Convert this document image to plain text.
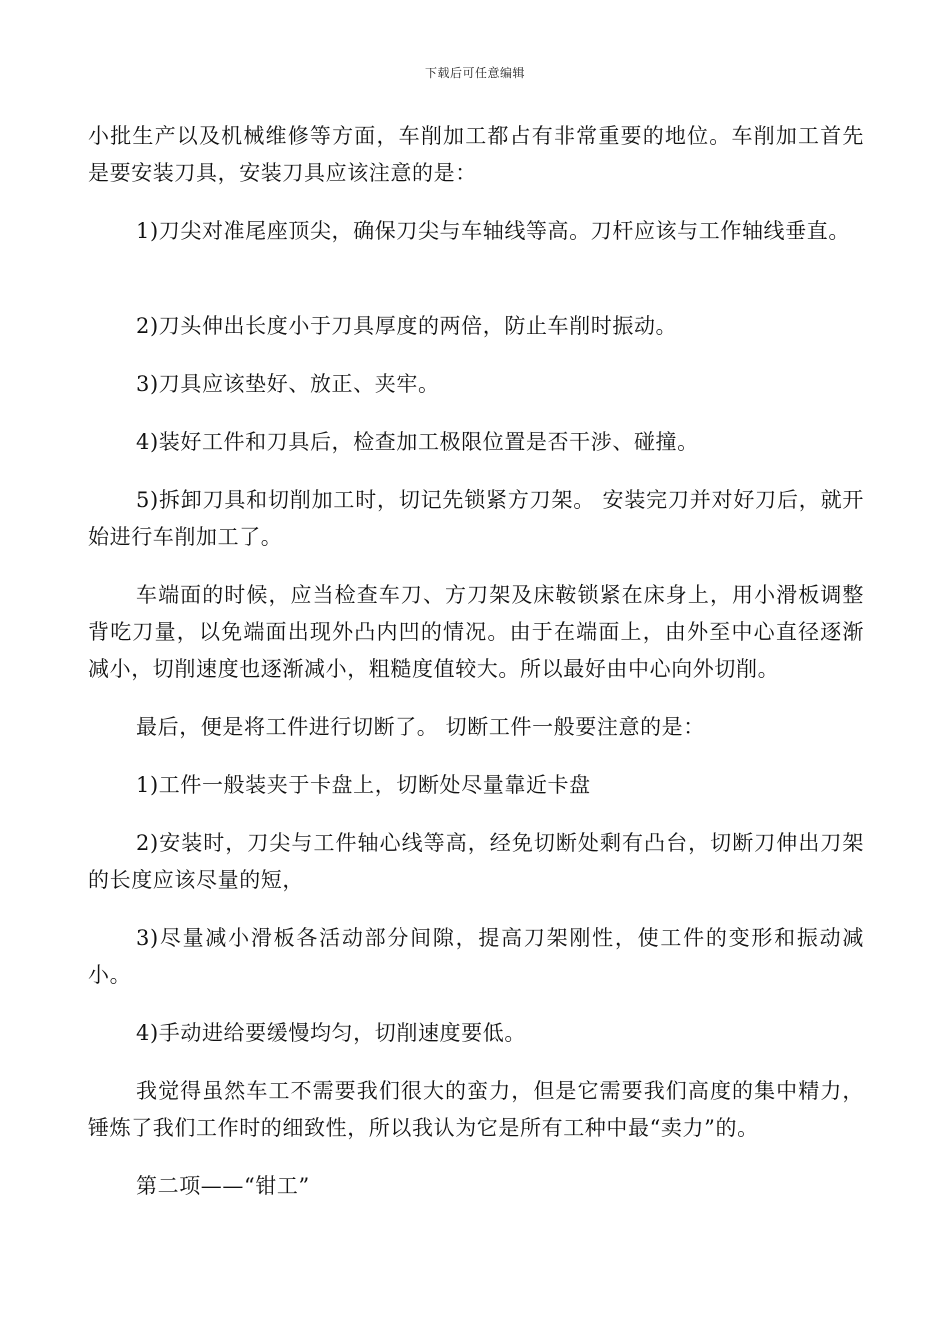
下载后可任意编辑

小批生产以及机械维修等方面，车削加工都占有非常重要的地位。车削加工首先是要安装刀具，安装刀具应该注意的是：

1)刀尖对准尾座顶尖，确保刀尖与车轴线等高。刀杆应该与工作轴线垂直。

2)刀头伸出长度小于刀具厚度的两倍，防止车削时振动。

3)刀具应该垫好、放正、夹牢。

4)装好工件和刀具后，检查加工极限位置是否干涉、碰撞。

5)拆卸刀具和切削加工时，切记先锁紧方刀架。 安装完刀并对好刀后，就开始进行车削加工了。

车端面的时候，应当检查车刀、方刀架及床鞍锁紧在床身上，用小滑板调整背吃刀量，以免端面出现外凸内凹的情况。由于在端面上，由外至中心直径逐渐减小，切削速度也逐渐减小，粗糙度值较大。所以最好由中心向外切削。

最后，便是将工件进行切断了。 切断工件一般要注意的是：

1)工件一般装夹于卡盘上，切断处尽量靠近卡盘

2)安装时，刀尖与工件轴心线等高，经免切断处剩有凸台，切断刀伸出刀架的长度应该尽量的短，

3)尽量减小滑板各活动部分间隙，提高刀架刚性，使工件的变形和振动减小。

4)手动进给要缓慢均匀，切削速度要低。

我觉得虽然车工不需要我们很大的蛮力，但是它需要我们高度的集中精力，锤炼了我们工作时的细致性，所以我认为它是所有工种中最“卖力”的。

第二项——“钳工”
